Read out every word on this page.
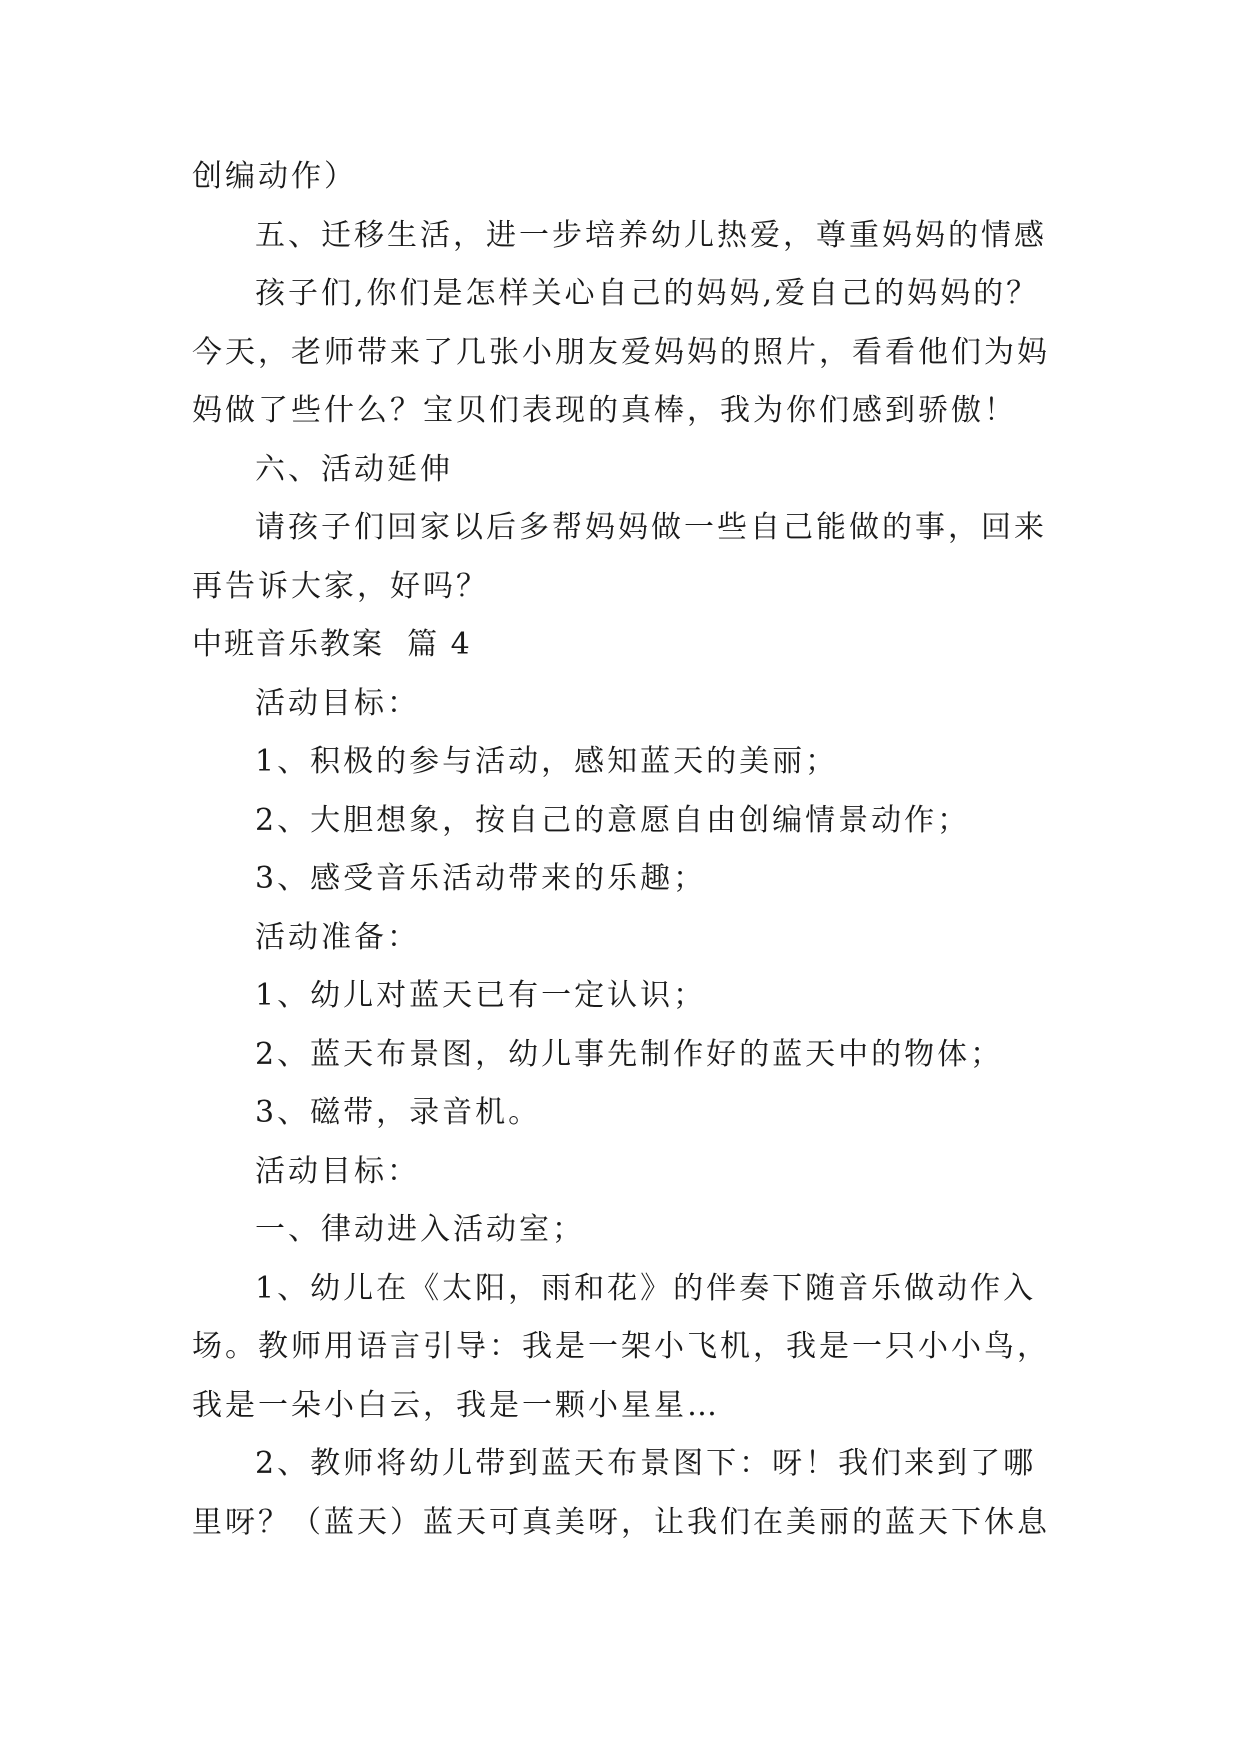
创编动作）
五、迁移生活，进一步培养幼儿热爱，尊重妈妈的情感
孩子们,你们是怎样关心自己的妈妈,爱自己的妈妈的？
今天，老师带来了几张小朋友爱妈妈的照片，看看他们为妈
妈做了些什么？宝贝们表现的真棒，我为你们感到骄傲！
六、活动延伸
请孩子们回家以后多帮妈妈做一些自己能做的事，回来
再告诉大家，好吗？
中班音乐教案  篇 4
活动目标：
1、积极的参与活动，感知蓝天的美丽；
2、大胆想象，按自己的意愿自由创编情景动作；
3、感受音乐活动带来的乐趣；
活动准备：
1、幼儿对蓝天已有一定认识；
2、蓝天布景图，幼儿事先制作好的蓝天中的物体；
3、磁带，录音机。
活动目标：
一、律动进入活动室；
1、幼儿在《太阳，雨和花》的伴奏下随音乐做动作入
场。教师用语言引导：我是一架小飞机，我是一只小小鸟，
我是一朵小白云，我是一颗小星星…
2、教师将幼儿带到蓝天布景图下：呀！我们来到了哪
里呀？（蓝天）蓝天可真美呀，让我们在美丽的蓝天下休息
